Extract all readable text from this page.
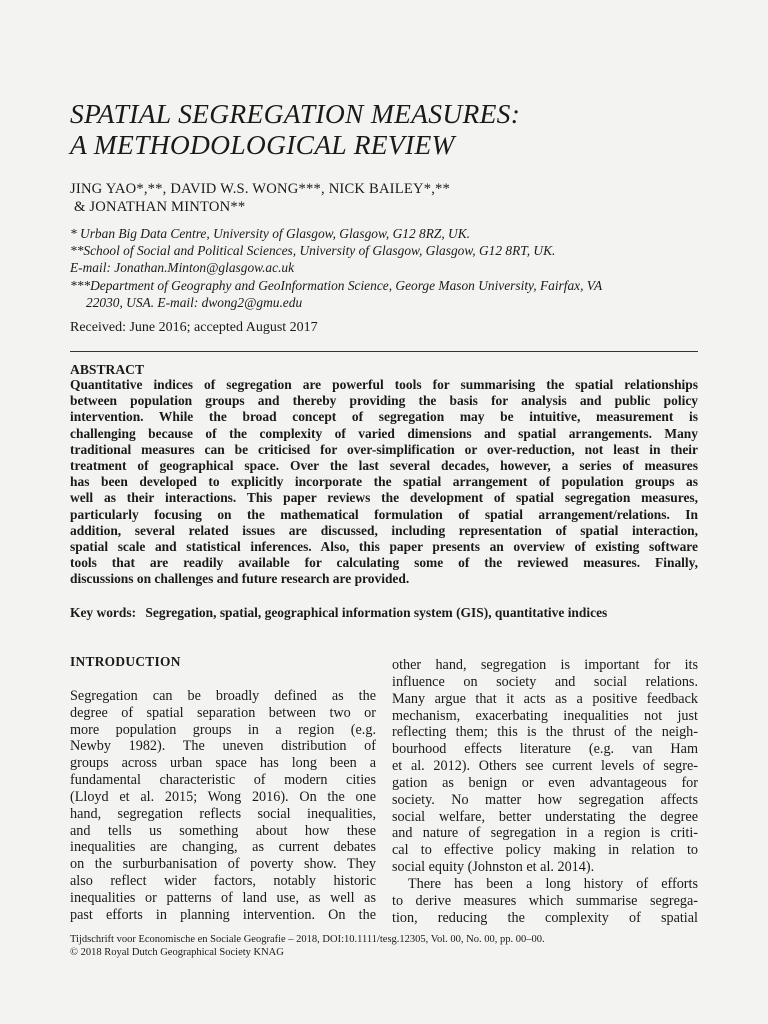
SPATIAL SEGREGATION MEASURES:
A METHODOLOGICAL REVIEW
JING YAO*,**, DAVID W.S. WONG***, NICK BAILEY*,**
& JONATHAN MINTON**
* Urban Big Data Centre, University of Glasgow, Glasgow, G12 8RZ, UK.
**School of Social and Political Sciences, University of Glasgow, Glasgow, G12 8RT, UK.
E-mail: Jonathan.Minton@glasgow.ac.uk
***Department of Geography and GeoInformation Science, George Mason University, Fairfax, VA
22030, USA. E-mail: dwong2@gmu.edu
Received: June 2016; accepted August 2017
ABSTRACT
Quantitative indices of segregation are powerful tools for summarising the spatial relationships
between population groups and thereby providing the basis for analysis and public policy
intervention. While the broad concept of segregation may be intuitive, measurement is
challenging because of the complexity of varied dimensions and spatial arrangements. Many
traditional measures can be criticised for over-simplification or over-reduction, not least in their
treatment of geographical space. Over the last several decades, however, a series of measures
has been developed to explicitly incorporate the spatial arrangement of population groups as
well as their interactions. This paper reviews the development of spatial segregation measures,
particularly focusing on the mathematical formulation of spatial arrangement/relations. In
addition, several related issues are discussed, including representation of spatial interaction,
spatial scale and statistical inferences. Also, this paper presents an overview of existing software
tools that are readily available for calculating some of the reviewed measures. Finally,
discussions on challenges and future research are provided.
Key words: Segregation, spatial, geographical information system (GIS), quantitative indices
INTRODUCTION
Segregation can be broadly defined as the
degree of spatial separation between two or
more population groups in a region (e.g.
Newby 1982). The uneven distribution of
groups across urban space has long been a
fundamental characteristic of modern cities
(Lloyd et al. 2015; Wong 2016). On the one
hand, segregation reflects social inequalities,
and tells us something about how these
inequalities are changing, as current debates
on the surburbanisation of poverty show. They
also reflect wider factors, notably historic
inequalities or patterns of land use, as well as
past efforts in planning intervention. On the
other hand, segregation is important for its
influence on society and social relations.
Many argue that it acts as a positive feedback
mechanism, exacerbating inequalities not just
reflecting them; this is the thrust of the neigh-
bourhood effects literature (e.g. van Ham
et al. 2012). Others see current levels of segre-
gation as benign or even advantageous for
society. No matter how segregation affects
social welfare, better understating the degree
and nature of segregation in a region is criti-
cal to effective policy making in relation to
social equity (Johnston et al. 2014).
There has been a long history of efforts
to derive measures which summarise segrega-
tion, reducing the complexity of spatial
Tijdschrift voor Economische en Sociale Geografie – 2018, DOI:10.1111/tesg.12305, Vol. 00, No. 00, pp. 00–00.
© 2018 Royal Dutch Geographical Society KNAG
